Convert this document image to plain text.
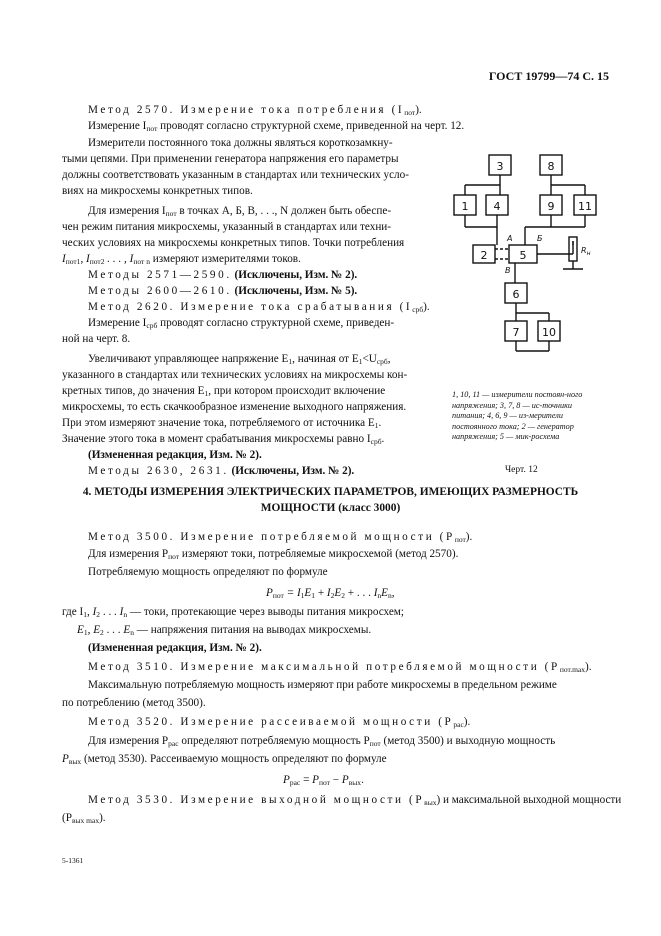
ГОСТ 19799—74 С. 15
Метод 2570. Измерение тока потребления $(I_{пот})$.
Измерение $I_{пот}$ проводят согласно структурной схеме, приведенной на черт. 12.
Измерители постоянного тока должны являться короткозамкну-
тыми цепями. При применении генератора напряжения его параметры
должны соответствовать указанным в стандартах или технических усло-
виях на микросхемы конкретных типов.
Для измерения $I_{пот}$ в точках А, Б, В, . . ., N должен быть обеспе-
чен режим питания микросхемы, указанный в стандартах или техни-
ческих условиях на микросхемы конкретных типов. Точки потребления
$I_{пот1}$, $I_{пот2}$ . . . , $I_{пот n}$ измеряют измерителями токов.
Методы 2571—2590. (Исключены, Изм. № 2).
Методы 2600—2610. (Исключены, Изм. № 5).
Метод 2620. Измерение тока срабатывания $(I_{срб})$.
Измерение $I_{срб}$ проводят согласно структурной схеме, приведен-
ной на черт. 8.
Увеличивают управляющее напряжение $E_1$, начиная от $E_1<U_{срб}$,
указанного в стандартах или технических условиях на микросхемы кон-
кретных типов, до значения $E_1$, при котором происходит включение
микросхемы, то есть скачкообразное изменение выходного напряжения.
При этом измеряют значение тока, потребляемого от источника $E_1$.
Значение этого тока в момент срабатывания микросхемы равно $I_{срб}$.
(Измененная редакция, Изм. № 2).
Методы 2630, 2631. (Исключены, Изм. № 2).
3	8
1 4	9 11
2	5
6
7 10
А	Б
В
$R_н$
1, 10, 11 — измерители постоян-ного напряжения; 3, 7, 8 — ис-точники питания; 4, 6, 9 — из-мерители постоянного тока; 2 — генератор напряжения; 5 — мик-росхема
Черт. 12
4. МЕТОДЫ ИЗМЕРЕНИЯ ЭЛЕКТРИЧЕСКИХ ПАРАМЕТРОВ, ИМЕЮЩИХ РАЗМЕРНОСТЬ
МОЩНОСТИ (класс 3000)
Метод 3500. Измерение потребляемой мощности $(P_{пот})$.
Для измерения $P_{пот}$ измеряют токи, потребляемые микросхемой (метод 2570).
Потребляемую мощность определяют по формуле
$P_{пот} = I_1E_1 + I_2E_2$ + . . . $I_nE_n$,
где $I_1$, $I_2$ . . . $I_n$ — токи, протекающие через выводы питания микросхем;
$E_1$, $E_2$ . . . $E_n$ — напряжения питания на выводах микросхемы.
(Измененная редакция, Изм. № 2).
Метод 3510. Измерение максимальной потребляемой мощности $(P_{пот.max})$.
Максимальную потребляемую мощность измеряют при работе микросхемы в предельном режиме
по потреблению (метод 3500).
Метод 3520. Измерение рассеиваемой мощности $(P_{рас})$.
Для измерения $P_{рас}$ определяют потребляемую мощность $P_{пот}$ (метод 3500) и выходную мощность
$P_{вых}$ (метод 3530). Рассеиваемую мощность определяют по формуле
$P_{рас} = P_{пот} - P_{вых}$.
Метод 3530. Измерение выходной мощности $(P_{вых})$ и максимальной выходной мощности
$(P_{вых max})$.
5-1361
